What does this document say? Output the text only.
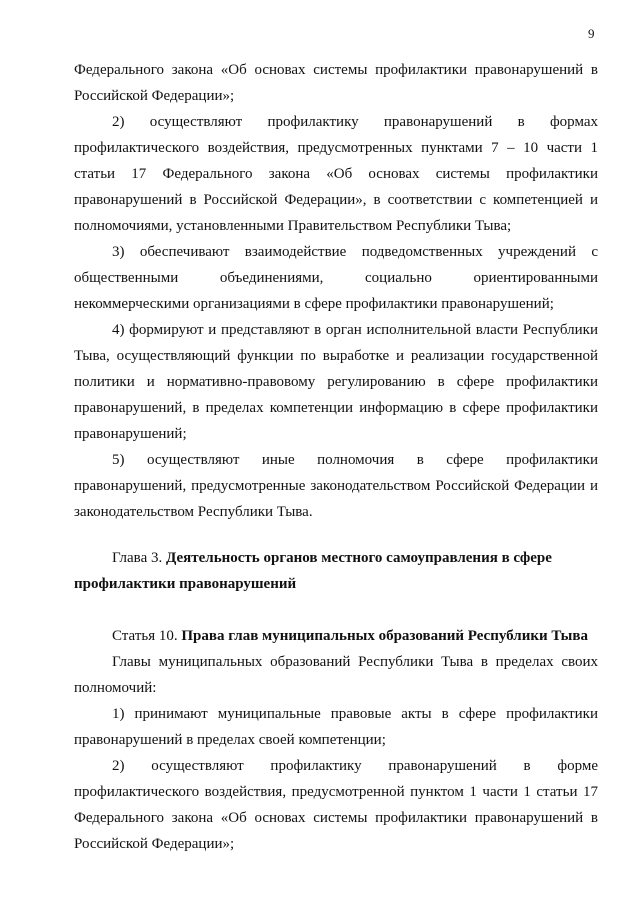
9

Федерального закона «Об основах системы профилактики правонарушений в Российской Федерации»;

2) осуществляют профилактику правонарушений в формах профилактического воздействия, предусмотренных пунктами 7 – 10 части 1 статьи 17 Федерального закона «Об основах системы профилактики правонарушений в Российской Федерации», в соответствии с компетенцией и полномочиями, установленными Правительством Республики Тыва;

3) обеспечивают взаимодействие подведомственных учреждений с общественными объединениями, социально ориентированными некоммерческими организациями в сфере профилактики правонарушений;

4) формируют и представляют в орган исполнительной власти Республики Тыва, осуществляющий функции по выработке и реализации государственной политики и нормативно-правовому регулированию в сфере профилактики правонарушений, в пределах компетенции информацию в сфере профилактики правонарушений;

5) осуществляют иные полномочия в сфере профилактики правонарушений, предусмотренные законодательством Российской Федерации и законодательством Республики Тыва.

Глава 3. Деятельность органов местного самоуправления в сфере профилактики правонарушений

Статья 10. Права глав муниципальных образований Республики Тыва

Главы муниципальных образований Республики Тыва в пределах своих полномочий:

1) принимают муниципальные правовые акты в сфере профилактики правонарушений в пределах своей компетенции;

2) осуществляют профилактику правонарушений в форме профилактического воздействия, предусмотренной пунктом 1 части 1 статьи 17 Федерального закона «Об основах системы профилактики правонарушений в Российской Федерации»;
